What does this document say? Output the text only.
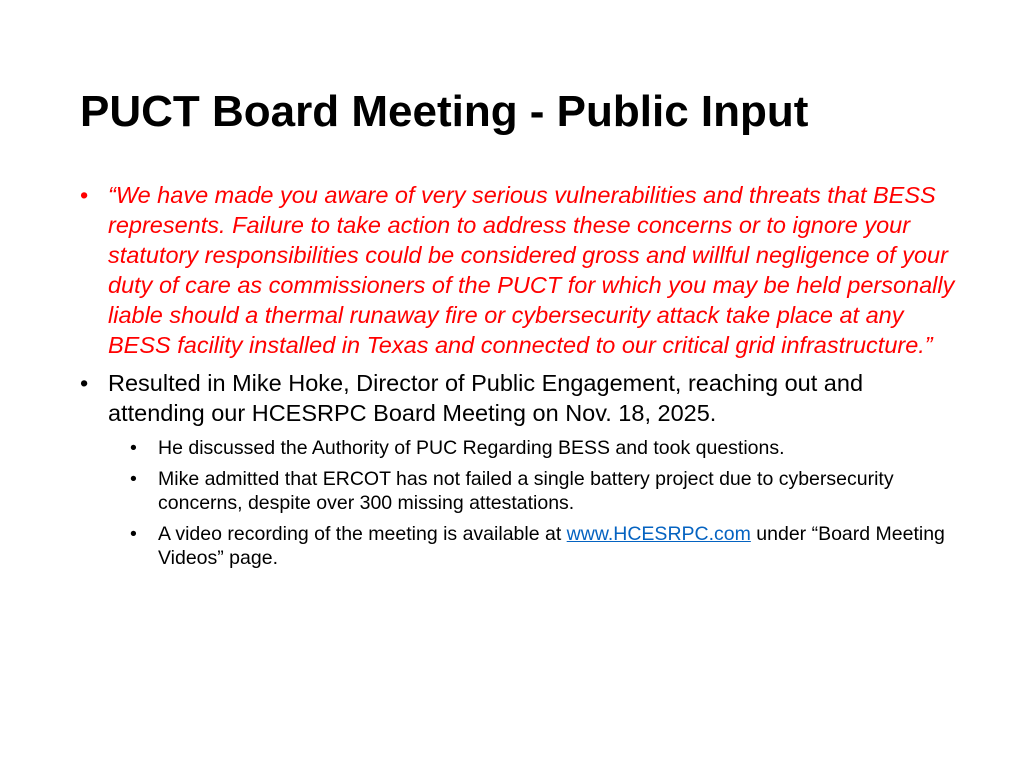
PUCT Board Meeting - Public Input
• “We have made you aware of very serious vulnerabilities and threats that BESS represents. Failure to take action to address these concerns or to ignore your statutory responsibilities could be considered gross and willful negligence of your duty of care as commissioners of the PUCT for which you may be held personally liable should a thermal runaway fire or cybersecurity attack take place at any BESS facility installed in Texas and connected to our critical grid infrastructure.”
• Resulted in Mike Hoke, Director of Public Engagement, reaching out and attending our HCESRPC Board Meeting on Nov. 18, 2025.
•	He discussed the Authority of PUC Regarding BESS and took questions.
•	Mike admitted that ERCOT has not failed a single battery project due to cybersecurity concerns, despite over 300 missing attestations.
•	A video recording of the meeting is available at www.HCESRPC.com under “Board Meeting Videos” page.
